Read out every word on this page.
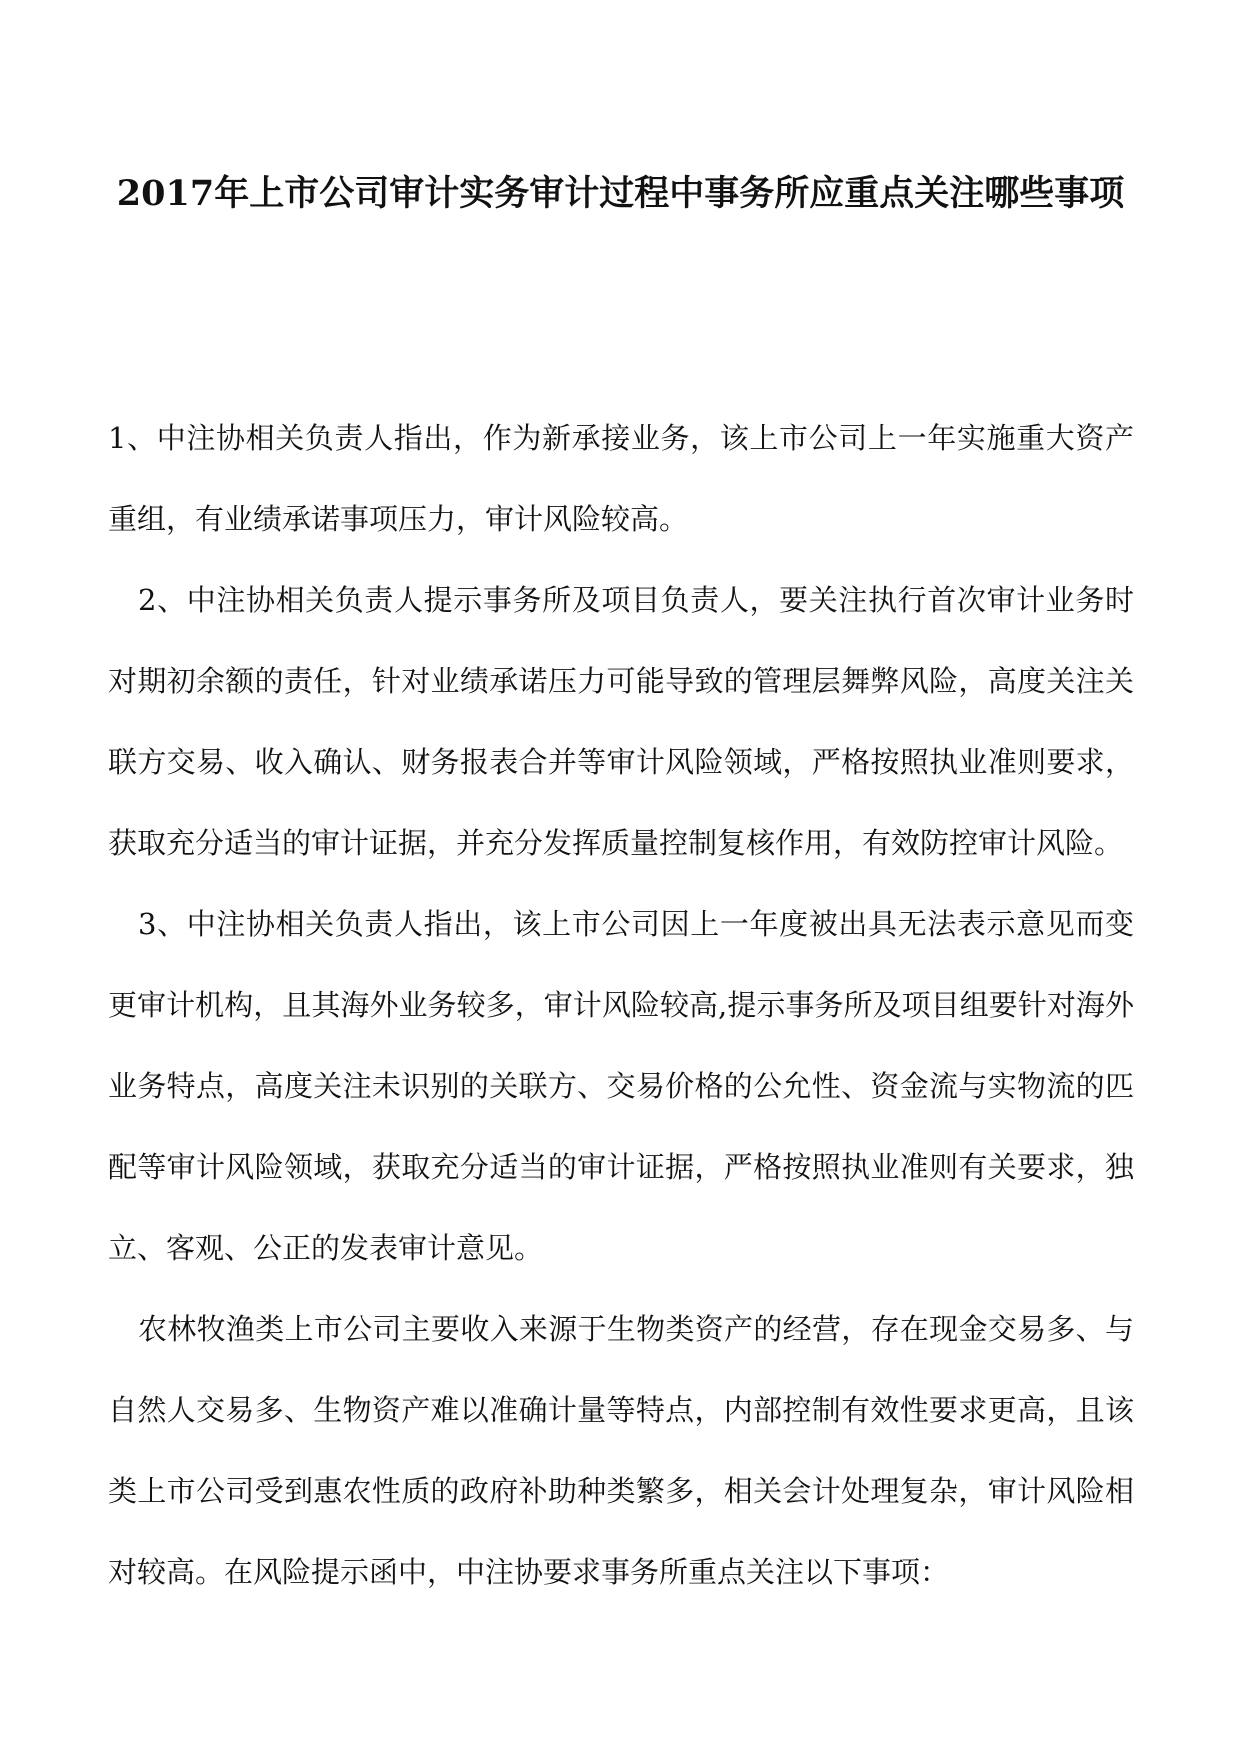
2017年上市公司审计实务审计过程中事务所应重点关注哪些事项

1、中注协相关负责人指出，作为新承接业务，该上市公司上一年实施重大资产重组，有业绩承诺事项压力，审计风险较高。

2、中注协相关负责人提示事务所及项目负责人，要关注执行首次审计业务时对期初余额的责任，针对业绩承诺压力可能导致的管理层舞弊风险，高度关注关联方交易、收入确认、财务报表合并等审计风险领域，严格按照执业准则要求，获取充分适当的审计证据，并充分发挥质量控制复核作用，有效防控审计风险。

3、中注协相关负责人指出，该上市公司因上一年度被出具无法表示意见而变更审计机构，且其海外业务较多，审计风险较高,提示事务所及项目组要针对海外业务特点，高度关注未识别的关联方、交易价格的公允性、资金流与实物流的匹配等审计风险领域，获取充分适当的审计证据，严格按照执业准则有关要求，独立、客观、公正的发表审计意见。

农林牧渔类上市公司主要收入来源于生物类资产的经营，存在现金交易多、与自然人交易多、生物资产难以准确计量等特点，内部控制有效性要求更高，且该类上市公司受到惠农性质的政府补助种类繁多，相关会计处理复杂，审计风险相对较高。在风险提示函中，中注协要求事务所重点关注以下事项：
